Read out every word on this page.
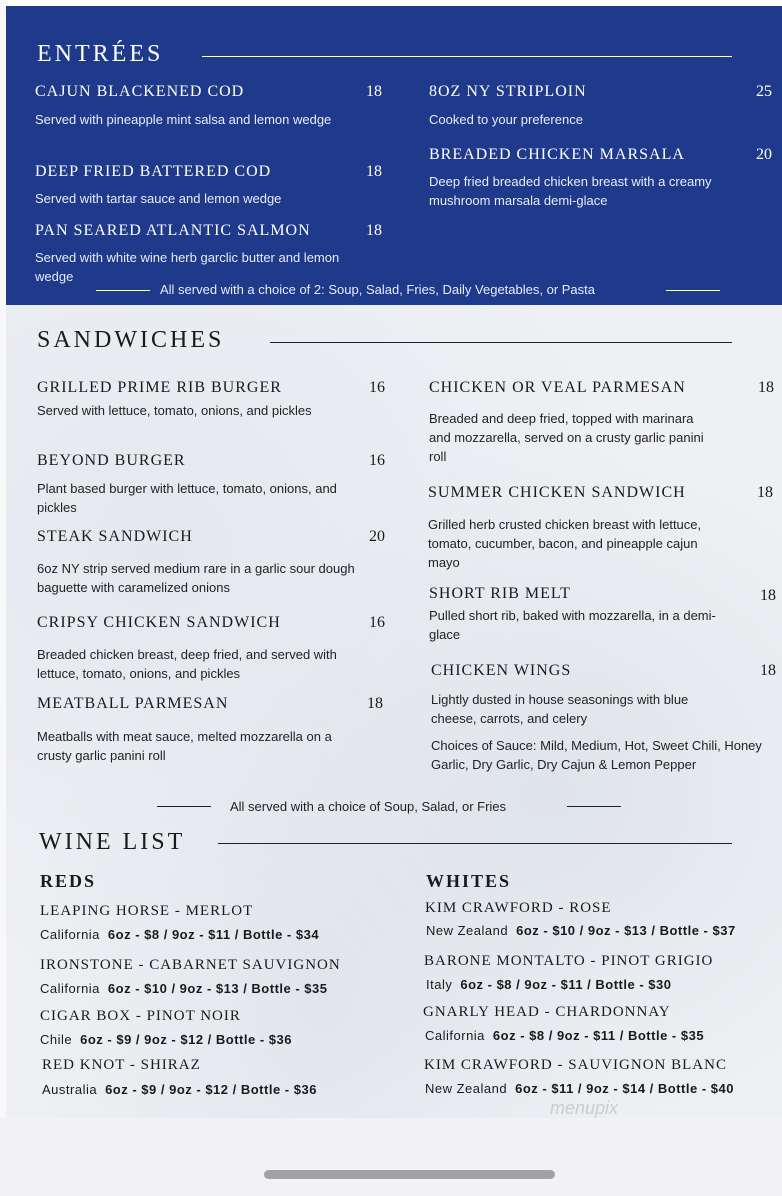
ENTRÉES
CAJUN BLACKENED COD	18
Served with pineapple mint salsa and lemon wedge
DEEP FRIED BATTERED COD	18
Served with tartar sauce and lemon wedge
PAN SEARED ATLANTIC SALMON	18
Served with white wine herb garclic butter and lemon wedge
8OZ NY STRIPLOIN	25
Cooked to your preference
BREADED CHICKEN MARSALA	20
Deep fried breaded chicken breast with a creamy mushroom marsala demi-glace
All served with a choice of 2: Soup, Salad, Fries, Daily Vegetables, or Pasta
SANDWICHES
GRILLED PRIME RIB BURGER	16
Served with lettuce, tomato, onions, and pickles
BEYOND BURGER	16
Plant based burger with lettuce, tomato, onions, and pickles
STEAK SANDWICH	20
6oz NY strip served medium rare in a garlic sour dough baguette with caramelized onions
CRIPSY CHICKEN SANDWICH	16
Breaded chicken breast, deep fried, and served with lettuce, tomato, onions, and pickles
MEATBALL PARMESAN	18
Meatballs with meat sauce, melted mozzarella on a crusty garlic panini roll
CHICKEN OR VEAL PARMESAN	18
Breaded and deep fried, topped with marinara and mozzarella, served on a crusty garlic panini roll
SUMMER CHICKEN SANDWICH	18
Grilled herb crusted chicken breast with lettuce, tomato, cucumber, bacon, and pineapple cajun mayo
SHORT RIB MELT	18
Pulled short rib, baked with mozzarella, in a demi-glace
CHICKEN WINGS	18
Lightly dusted in house seasonings with blue cheese, carrots, and celery
Choices of Sauce: Mild, Medium, Hot, Sweet Chili, Honey Garlic, Dry Garlic, Dry Cajun & Lemon Pepper
All served with a choice of Soup, Salad, or Fries
WINE LIST
REDS	WHITES
LEAPING HORSE - MERLOT
California 6oz - $8 / 9oz - $11 / Bottle - $34
IRONSTONE - CABARNET SAUVIGNON
California 6oz - $10 / 9oz - $13 / Bottle - $35
CIGAR BOX - PINOT NOIR
Chile 6oz - $9 / 9oz - $12 / Bottle - $36
RED KNOT - SHIRAZ
Australia 6oz - $9 / 9oz - $12 / Bottle - $36
KIM CRAWFORD - ROSE
New Zealand 6oz - $10 / 9oz - $13 / Bottle - $37
BARONE MONTALTO - PINOT GRIGIO
Italy 6oz - $8 / 9oz - $11 / Bottle - $30
GNARLY HEAD - CHARDONNAY
California 6oz - $8 / 9oz - $11 / Bottle - $35
KIM CRAWFORD - SAUVIGNON BLANC
New Zealand 6oz - $11 / 9oz - $14 / Bottle - $40
menupix
